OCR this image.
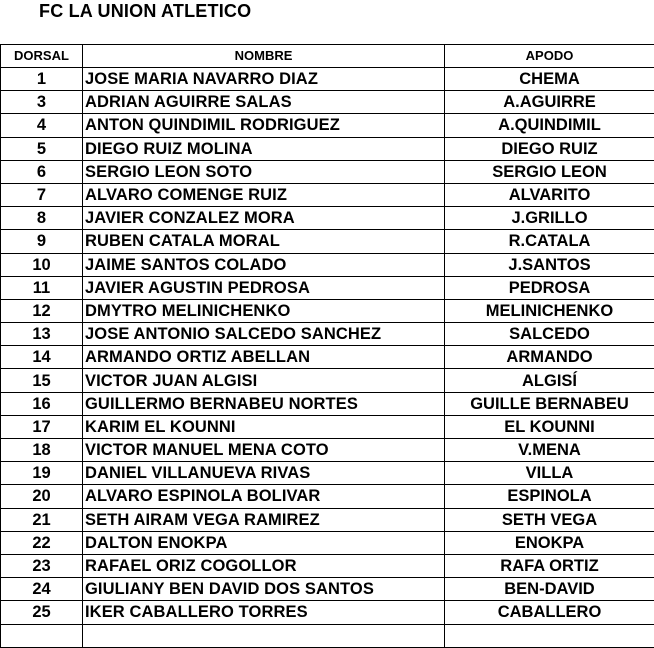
FC LA UNION ATLETICO
DORSAL	NOMBRE	APODO
1	JOSE MARIA NAVARRO DIAZ	CHEMA
3	ADRIAN AGUIRRE SALAS	A.AGUIRRE
4	ANTON QUINDIMIL RODRIGUEZ	A.QUINDIMIL
5	DIEGO RUIZ MOLINA	DIEGO RUIZ
6	SERGIO LEON SOTO	SERGIO LEON
7	ALVARO COMENGE RUIZ	ALVARITO
8	JAVIER CONZALEZ MORA	J.GRILLO
9	RUBEN CATALA MORAL	R.CATALA
10	JAIME SANTOS COLADO	J.SANTOS
11	JAVIER AGUSTIN PEDROSA	PEDROSA
12	DMYTRO MELINICHENKO	MELINICHENKO
13	JOSE ANTONIO SALCEDO SANCHEZ	SALCEDO
14	ARMANDO ORTIZ ABELLAN	ARMANDO
15	VICTOR JUAN ALGISI	ALGISÍ
16	GUILLERMO BERNABEU NORTES	GUILLE BERNABEU
17	KARIM EL KOUNNI	EL KOUNNI
18	VICTOR MANUEL MENA COTO	V.MENA
19	DANIEL VILLANUEVA RIVAS	VILLA
20	ALVARO ESPINOLA BOLIVAR	ESPINOLA
21	SETH AIRAM VEGA RAMIREZ	SETH VEGA
22	DALTON ENOKPA	ENOKPA
23	RAFAEL ORIZ COGOLLOR	RAFA ORTIZ
24	GIULIANY BEN DAVID DOS SANTOS	BEN-DAVID
25	IKER CABALLERO TORRES	CABALLERO
